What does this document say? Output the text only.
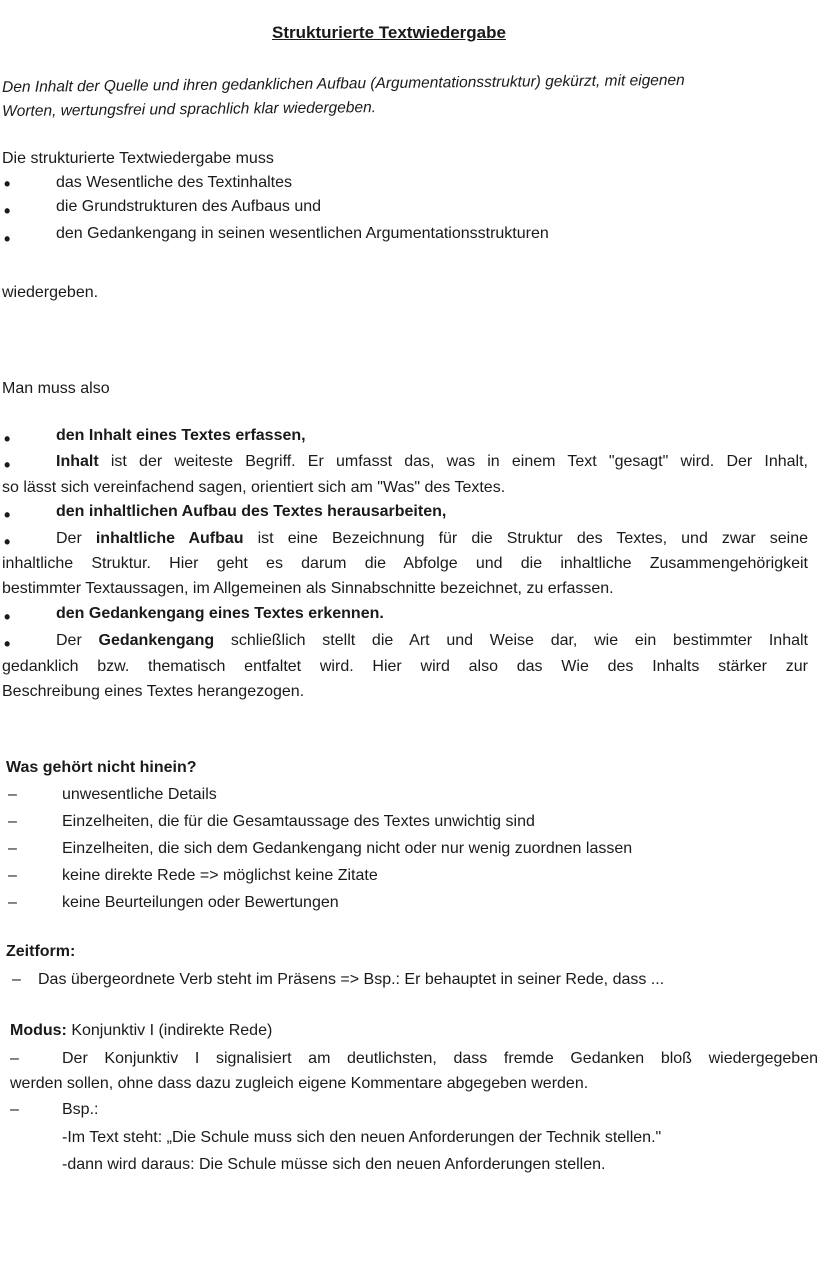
Strukturierte Textwiedergabe
Den Inhalt der Quelle und ihren gedanklichen Aufbau (Argumentationsstruktur) gekürzt, mit eigenen
Worten, wertungsfrei und sprachlich klar wiedergeben.
Die strukturierte Textwiedergabe muss
•	das Wesentliche des Textinhaltes
•	die Grundstrukturen des Aufbaus und
•	den Gedankengang in seinen wesentlichen Argumentationsstrukturen
wiedergeben.
Man muss also
•	den Inhalt eines Textes erfassen,
•	Inhalt ist der weiteste Begriff. Er umfasst das, was in einem Text "gesagt" wird. Der Inhalt,
so lässt sich vereinfachend sagen, orientiert sich am "Was" des Textes.
•	den inhaltlichen Aufbau des Textes herausarbeiten,
•	Der inhaltliche Aufbau ist eine Bezeichnung für die Struktur des Textes, und zwar seine
inhaltliche Struktur. Hier geht es darum die Abfolge und die inhaltliche Zusammengehörigkeit
bestimmter Textaussagen, im Allgemeinen als Sinnabschnitte bezeichnet, zu erfassen.
•	den Gedankengang eines Textes erkennen.
•	Der Gedankengang schließlich stellt die Art und Weise dar, wie ein bestimmter Inhalt
gedanklich bzw. thematisch entfaltet wird. Hier wird also das Wie des Inhalts stärker zur
Beschreibung eines Textes herangezogen.
Was gehört nicht hinein?
–	unwesentliche Details
–	Einzelheiten, die für die Gesamtaussage des Textes unwichtig sind
–	Einzelheiten, die sich dem Gedankengang nicht oder nur wenig zuordnen lassen
–	keine direkte Rede => möglichst keine Zitate
–	keine Beurteilungen oder Bewertungen
Zeitform:
– Das übergeordnete Verb steht im Präsens => Bsp.: Er behauptet in seiner Rede, dass ...
Modus: Konjunktiv I (indirekte Rede)
–	Der Konjunktiv I signalisiert am deutlichsten, dass fremde Gedanken bloß wiedergegeben
werden sollen, ohne dass dazu zugleich eigene Kommentare abgegeben werden.
–	Bsp.:
-Im Text steht: „Die Schule muss sich den neuen Anforderungen der Technik stellen."
-dann wird daraus: Die Schule müsse sich den neuen Anforderungen stellen.
